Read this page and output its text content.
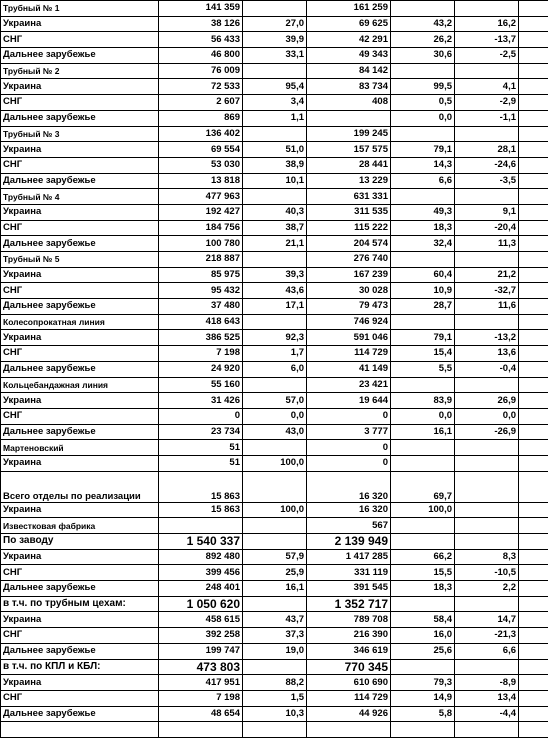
Трубный № 1	141 359		161 259			
Украина	38 126	27,0	69 625	43,2	16,2	
СНГ	56 433	39,9	42 291	26,2	-13,7	
Дальнее зарубежье	46 800	33,1	49 343	30,6	-2,5	
Трубный № 2	76 009		84 142			
Украина	72 533	95,4	83 734	99,5	4,1	
СНГ	2 607	3,4	408	0,5	-2,9	
Дальнее зарубежье	869	1,1		0,0	-1,1	
Трубный № 3	136 402		199 245			
Украина	69 554	51,0	157 575	79,1	28,1	
СНГ	53 030	38,9	28 441	14,3	-24,6	
Дальнее зарубежье	13 818	10,1	13 229	6,6	-3,5	
Трубный № 4	477 963		631 331			
Украина	192 427	40,3	311 535	49,3	9,1	
СНГ	184 756	38,7	115 222	18,3	-20,4	
Дальнее зарубежье	100 780	21,1	204 574	32,4	11,3	
Трубный № 5	218 887		276 740			
Украина	85 975	39,3	167 239	60,4	21,2	
СНГ	95 432	43,6	30 028	10,9	-32,7	
Дальнее зарубежье	37 480	17,1	79 473	28,7	11,6	
Колесопрокатная линия	418 643		746 924			
Украина	386 525	92,3	591 046	79,1	-13,2	
СНГ	7 198	1,7	114 729	15,4	13,6	
Дальнее зарубежье	24 920	6,0	41 149	5,5	-0,4	
Кольцебандажная линия	55 160		23 421			
Украина	31 426	57,0	19 644	83,9	26,9	
СНГ	0	0,0	0	0,0	0,0	
Дальнее зарубежье	23 734	43,0	3 777	16,1	-26,9	
Мартеновский	51		0			
Украина	51	100,0	0			
Всего отделы по реализации	15 863		16 320	69,7		
Украина	15 863	100,0	16 320	100,0		
Известковая фабрика			567			
По заводу	1 540 337		2 139 949			
Украина	892 480	57,9	1 417 285	66,2	8,3	
СНГ	399 456	25,9	331 119	15,5	-10,5	
Дальнее зарубежье	248 401	16,1	391 545	18,3	2,2	
в т.ч. по трубным цехам:	1 050 620		1 352 717			
Украина	458 615	43,7	789 708	58,4	14,7	
СНГ	392 258	37,3	216 390	16,0	-21,3	
Дальнее зарубежье	199 747	19,0	346 619	25,6	6,6	
в т.ч. по КПЛ и КБЛ:	473 803		770 345			
Украина	417 951	88,2	610 690	79,3	-8,9	
СНГ	7 198	1,5	114 729	14,9	13,4	
Дальнее зарубежье	48 654	10,3	44 926	5,8	-4,4	
